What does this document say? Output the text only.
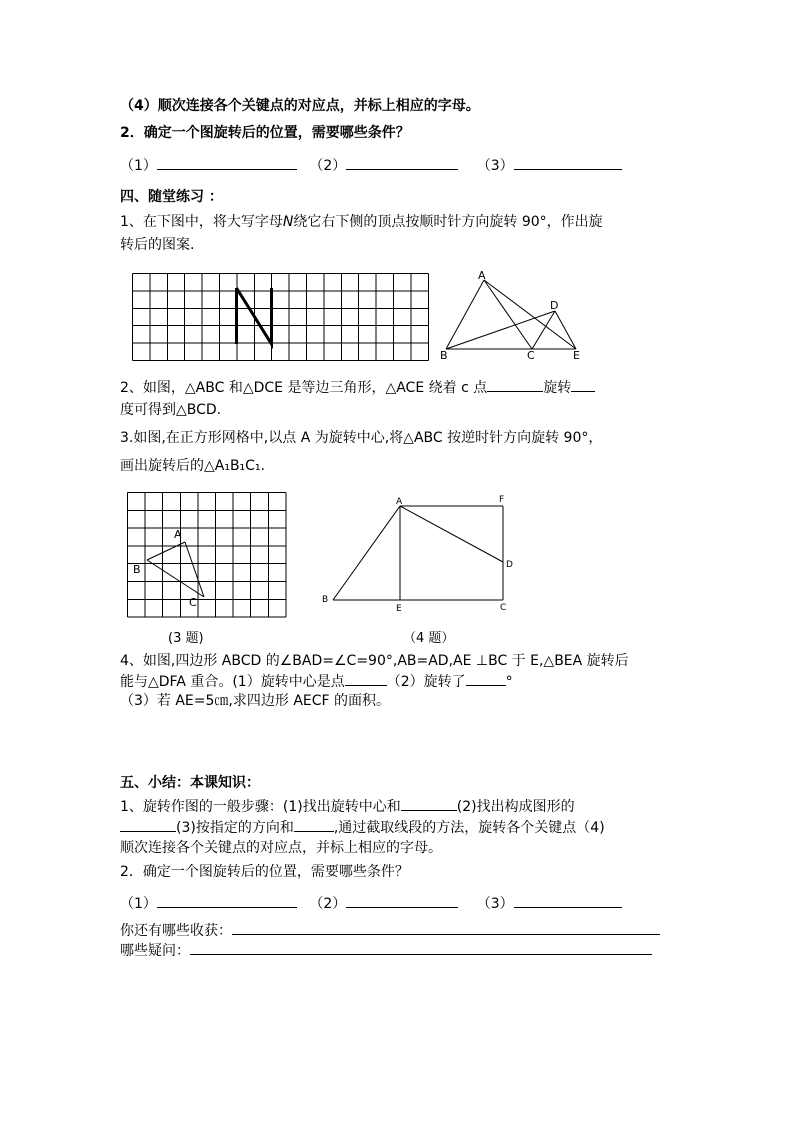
（4）顺次连接各个关键点的对应点，并标上相应的字母。
2．确定一个图旋转后的位置，需要哪些条件？
（1）	（2）	（3）
四、随堂练习 ：
1、在下图中，将大写字母N绕它右下侧的顶点按顺时针方向旋转 90°，作出旋
转后的图案.
A
D
B	C	E
2、如图，△ABC 和△DCE 是等边三角形，△ACE 绕着 c 点	旋转
度可得到△BCD.
3.如图,在正方形网格中,以点 A 为旋转中心,将△ABC 按逆时针方向旋转 90°，
画出旋转后的△A₁B₁C₁.
A
B
C
A	F
D
B
E	C
(3 题)	（4 题）
4、如图,四边形 ABCD 的∠BAD=∠C=90°,AB=AD,AE ⊥BC 于 E,△BEA 旋转后
能与△DFA 重合。(1）旋转中心是点	（2）旋转了	°
（3）若 AE=5㎝,求四边形 AECF 的面积。
五、小结：本课知识：
1、旋转作图的一般步骤：(1)找出旋转中心和	(2)找出构成图形的
(3)按指定的方向和	,通过截取线段的方法，旋转各个关键点（4)
顺次连接各个关键点的对应点，并标上相应的字母。
2．确定一个图旋转后的位置，需要哪些条件？
（1）	（2）	（3）
你还有哪些收获：
哪些疑问：
